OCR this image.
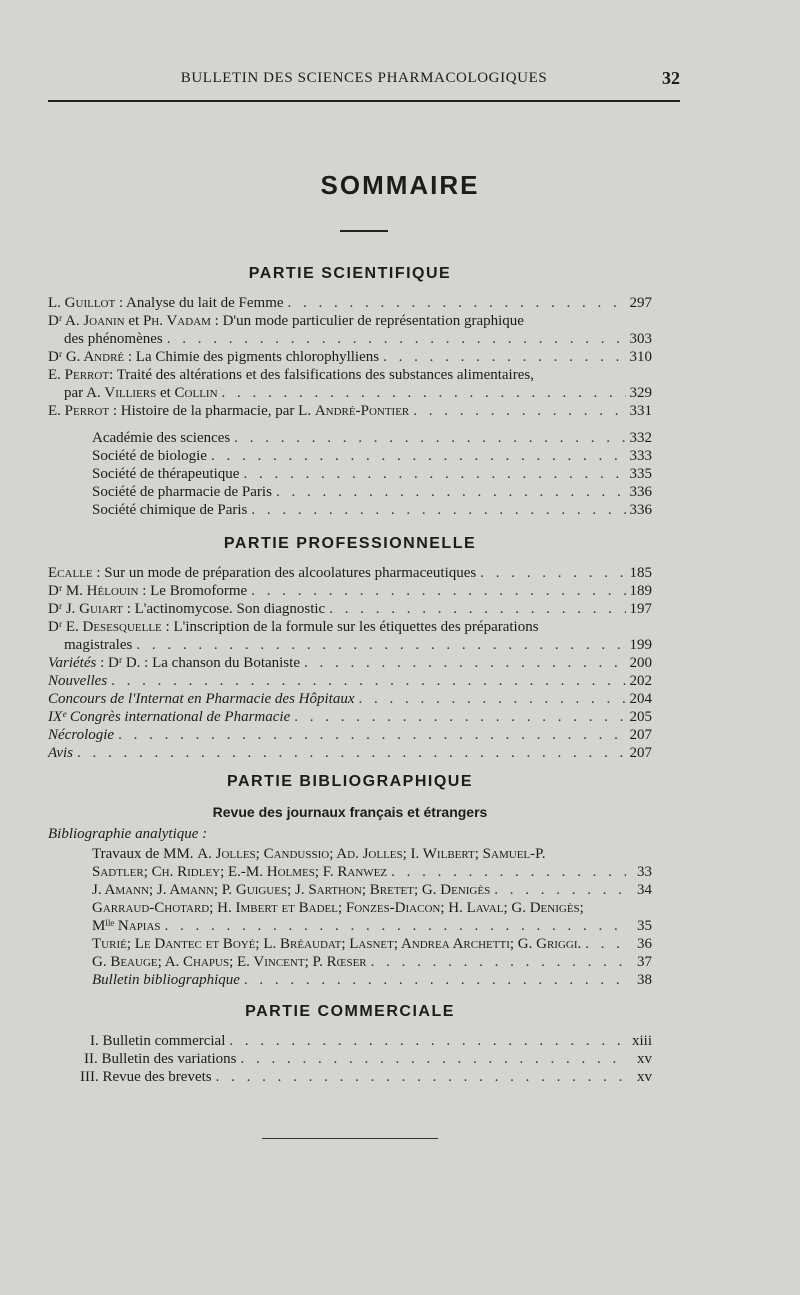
BULLETIN DES SCIENCES PHARMACOLOGIQUES	32
SOMMAIRE
PARTIE SCIENTIFIQUE
L. Guillot : Analyse du lait de Femme . . .	297
Dʳ A. Joanin et Ph. Vadam : D'un mode particulier de représentation graphique
des phénomènes . . .	303
Dʳ G. André : La Chimie des pigments chlorophylliens . . .	310
E. Perrot: Traité des altérations et des falsifications des substances alimentaires,
par A. Villiers et Collin . . .	329
E. Perrot : Histoire de la pharmacie, par L. André-Pontier . . .	331
Académie des sciences . . .	332
Société de biologie . . .	333
Société de thérapeutique . . .	335
Société de pharmacie de Paris . . .	336
Société chimique de Paris . . .	336
PARTIE PROFESSIONNELLE
Ecalle : Sur un mode de préparation des alcoolatures pharmaceutiques . . .	185
Dʳ M. Hélouin : Le Bromoforme . . .	189
Dʳ J. Guiart : L'actinomycose. Son diagnostic . . .	197
Dʳ E. Desesquelle : L'inscription de la formule sur les étiquettes des préparations
magistrales . . .	199
Variétés : Dʳ D. : La chanson du Botaniste . . .	200
Nouvelles . . .	202
Concours de l'Internat en Pharmacie des Hôpitaux . . .	204
IXᵉ Congrès international de Pharmacie . . .	205
Nécrologie . . .	207
Avis . . .	207
PARTIE BIBLIOGRAPHIQUE
Revue des journaux français et étrangers
Bibliographie analytique :
Travaux de MM. A. Jolles; Candussio; Ad. Jolles; I. Wilbert; Samuel-P.
Sadtler; Ch. Ridley; E.-M. Holmes; F. Ranwez . . .	33
J. Amann; J. Amann; P. Guigues; J. Sarthon; Bretet; G. Denigès . . .	34
Garraud-Chotard; H. Imbert et Badel; Fonzes-Diacon; H. Laval; G. Denigès;
Mˡˡᵉ Napias . . .	35
Turié; Le Dantec et Boyé; L. Bréaudat; Lasnet; Andrea Archetti; G. Griggi. . . .	36
G. Beauge; A. Chapus; E. Vincent; P. Rœser . . .	37
Bulletin bibliographique . . .	38
PARTIE COMMERCIALE
I. Bulletin commercial . . .	xiii
II. Bulletin des variations . . .	xv
III. Revue des brevets . . .	xv
